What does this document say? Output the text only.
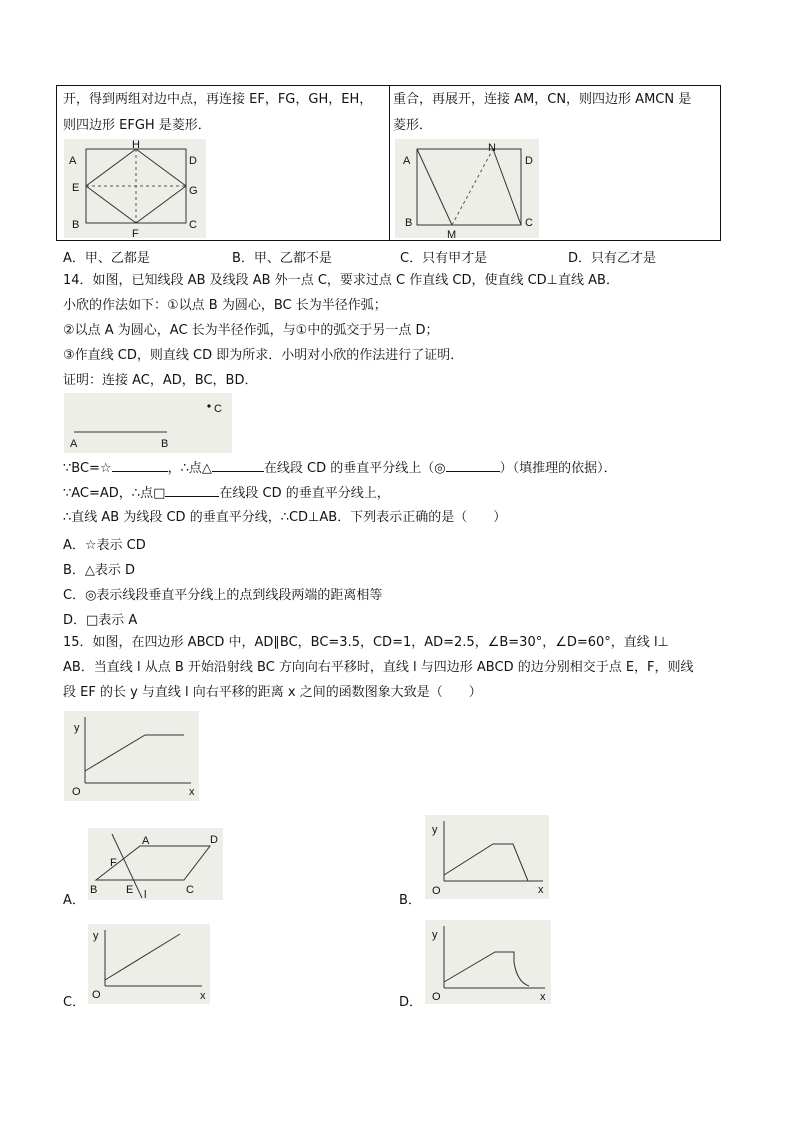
开，得到两组对边中点，再连接 EF，FG，GH，EH，
则四边形 EFGH 是菱形．
重合，再展开，连接 AM，CN，则四边形 AMCN 是
菱形．
A
H
D
E	G
B
F
C
A
N
D
B
M
C
A．甲、乙都是	B．甲、乙都不是	C．只有甲才是	D．只有乙才是
14．如图，已知线段 AB 及线段 AB 外一点 C，要求过点 C 作直线 CD，使直线 CD⊥直线 AB．
小欣的作法如下：①以点 B 为圆心，BC 长为半径作弧；
②以点 A 为圆心，AC 长为半径作弧，与①中的弧交于另一点 D；
③作直线 CD，则直线 CD 即为所求．小明对小欣的作法进行了证明．
证明：连接 AC，AD，BC，BD．
C
A	B
∵BC=☆	，∴点△	在线段 CD 的垂直平分线上（◎	）（填推理的依据）．
∵AC=AD，∴点□	在线段 CD 的垂直平分线上，
∴直线 AB 为线段 CD 的垂直平分线，∴CD⊥AB．下列表示正确的是（　　）
A．☆表示 CD
B．△表示 D
C．◎表示线段垂直平分线上的点到线段两端的距离相等
D．□表示 A
15．如图，在四边形 ABCD 中，AD∥BC，BC=3.5，CD=1，AD=2.5，∠B=30°，∠D=60°，直线 l⊥
AB．当直线 l 从点 B 开始沿射线 BC 方向向右平移时，直线 l 与四边形 ABCD 的边分别相交于点 E，F，则线
段 EF 的长 y 与直线 l 向右平移的距离 x 之间的函数图象大致是（　　）
y
O	x
A．
A	D
F
B	E l	C
B．
y
O	x
C．
y
O	x	D．
y
O	x
